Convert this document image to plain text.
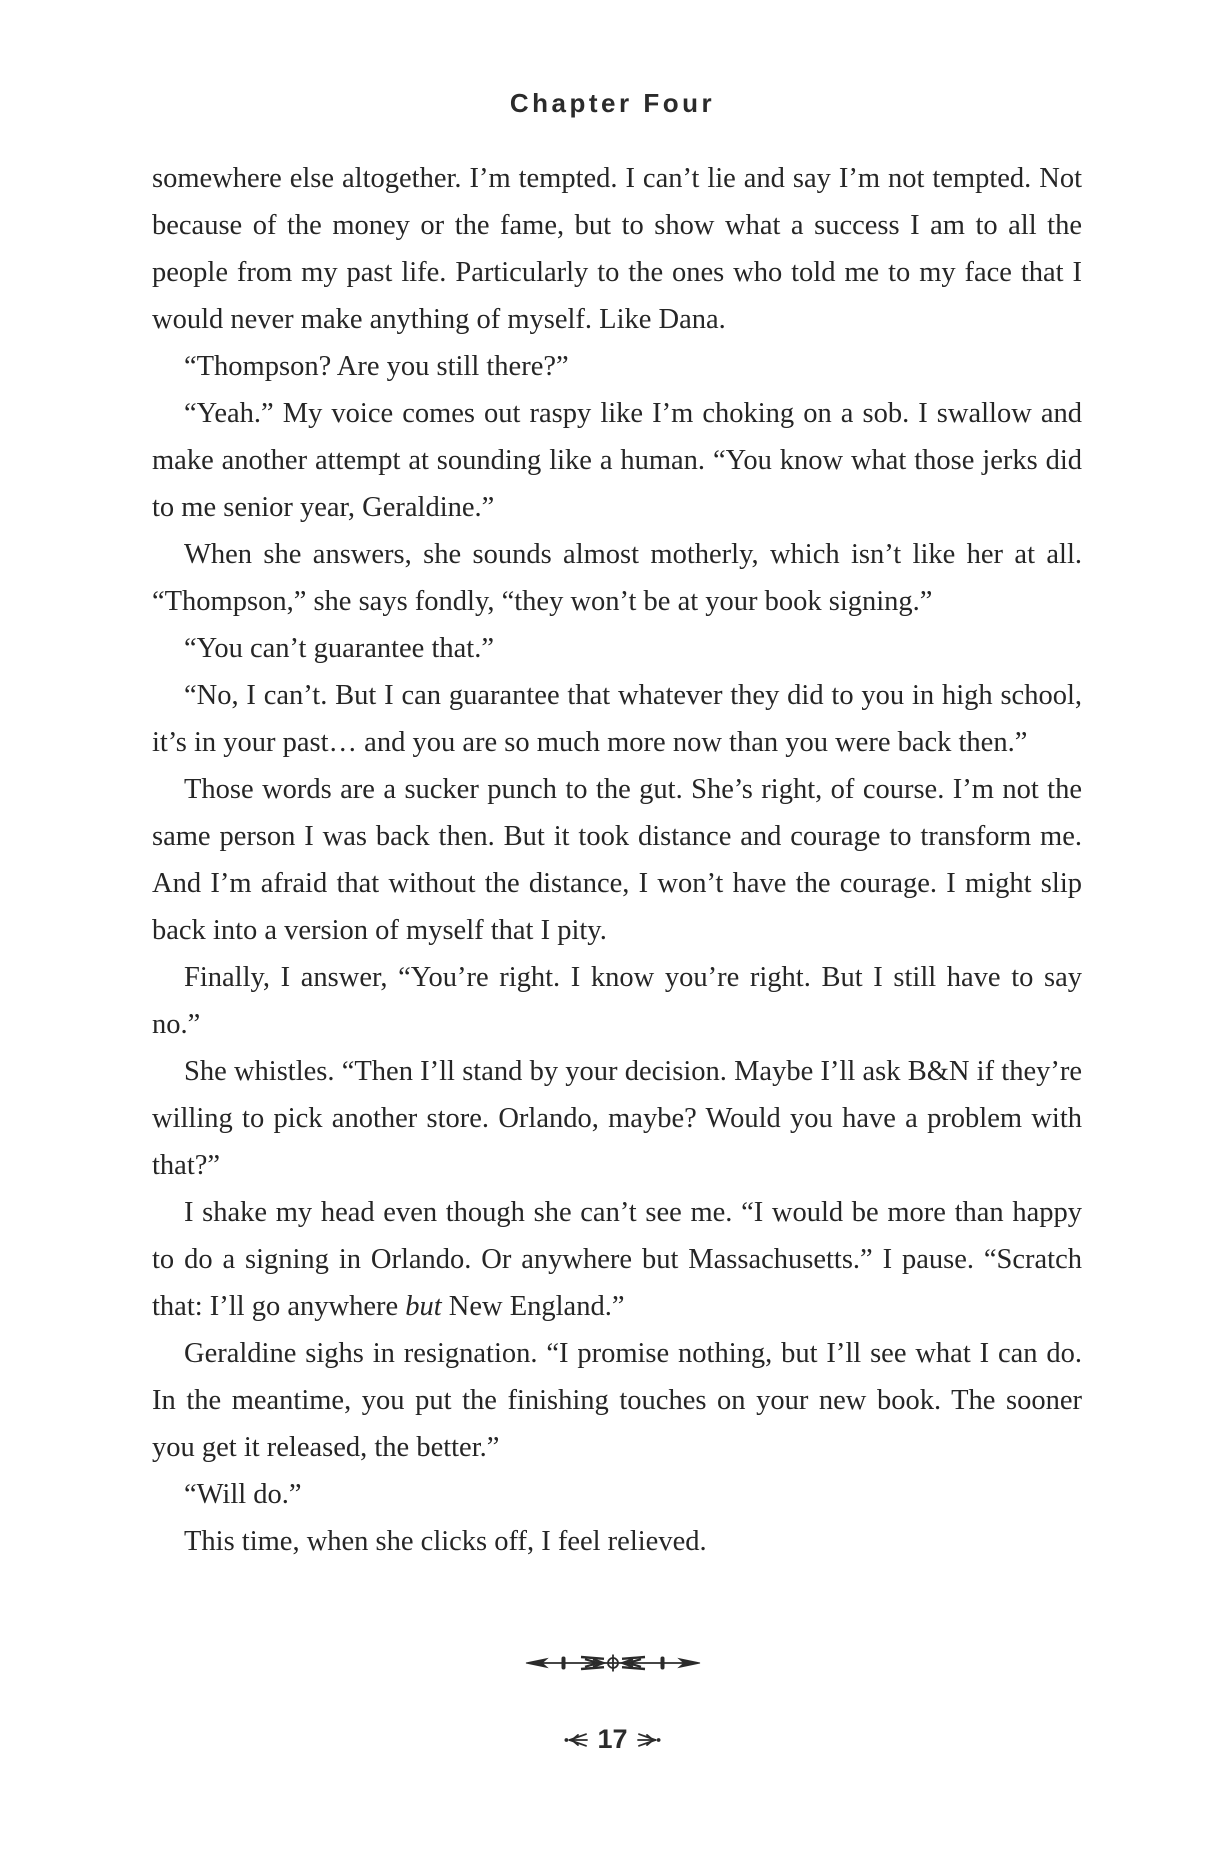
Chapter Four

somewhere else altogether. I’m tempted. I can’t lie and say I’m not tempted. Not because of the money or the fame, but to show what a success I am to all the people from my past life. Particularly to the ones who told me to my face that I would never make anything of myself. Like Dana.

“Thompson? Are you still there?”

“Yeah.” My voice comes out raspy like I’m choking on a sob. I swallow and make another attempt at sounding like a human. “You know what those jerks did to me senior year, Geraldine.”

When she answers, she sounds almost motherly, which isn’t like her at all. “Thompson,” she says fondly, “they won’t be at your book signing.”

“You can’t guarantee that.”

“No, I can’t. But I can guarantee that whatever they did to you in high school, it’s in your past… and you are so much more now than you were back then.”

Those words are a sucker punch to the gut. She’s right, of course. I’m not the same person I was back then. But it took distance and courage to transform me. And I’m afraid that without the distance, I won’t have the courage. I might slip back into a version of myself that I pity.

Finally, I answer, “You’re right. I know you’re right. But I still have to say no.”

She whistles. “Then I’ll stand by your decision. Maybe I’ll ask B&N if they’re willing to pick another store. Orlando, maybe? Would you have a problem with that?”

I shake my head even though she can’t see me. “I would be more than happy to do a signing in Orlando. Or anywhere but Massachusetts.” I pause. “Scratch that: I’ll go anywhere but New England.”

Geraldine sighs in resignation. “I promise nothing, but I’ll see what I can do. In the meantime, you put the finishing touches on your new book. The sooner you get it released, the better.”

“Will do.”

This time, when she clicks off, I feel relieved.

17
